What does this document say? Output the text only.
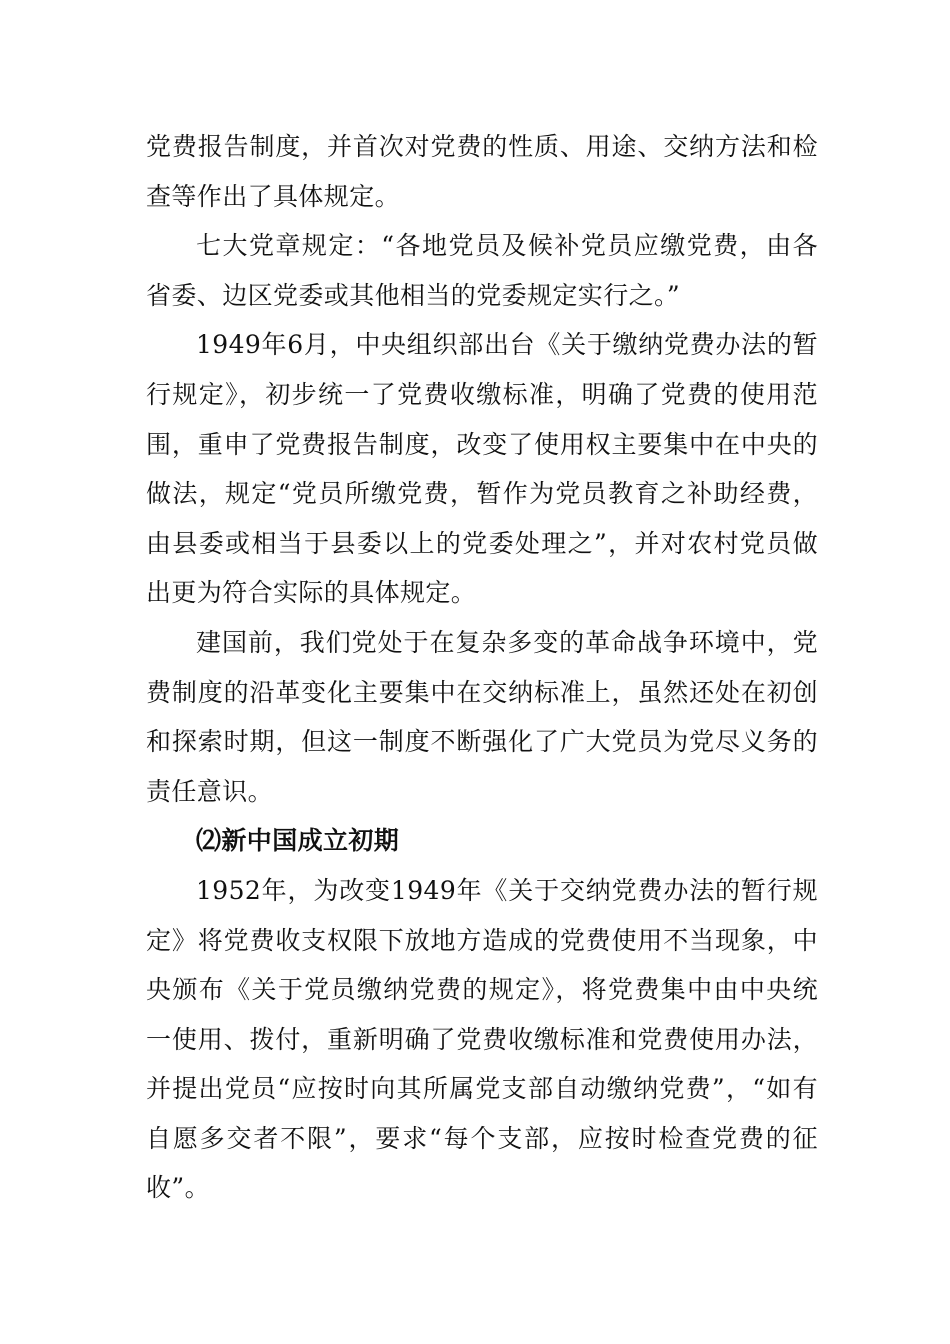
党费报告制度，并首次对党费的性质、用途、交纳方法和检查等作出了具体规定。

七大党章规定：“各地党员及候补党员应缴党费，由各省委、边区党委或其他相当的党委规定实行之。”

1949年6月，中央组织部出台《关于缴纳党费办法的暂行规定》，初步统一了党费收缴标准，明确了党费的使用范围，重申了党费报告制度，改变了使用权主要集中在中央的做法，规定“党员所缴党费，暂作为党员教育之补助经费，由县委或相当于县委以上的党委处理之”，并对农村党员做出更为符合实际的具体规定。

建国前，我们党处于在复杂多变的革命战争环境中，党费制度的沿革变化主要集中在交纳标准上，虽然还处在初创和探索时期，但这一制度不断强化了广大党员为党尽义务的责任意识。

⑵新中国成立初期

1952年，为改变1949年《关于交纳党费办法的暂行规定》将党费收支权限下放地方造成的党费使用不当现象，中央颁布《关于党员缴纳党费的规定》，将党费集中由中央统一使用、拨付，重新明确了党费收缴标准和党费使用办法，并提出党员“应按时向其所属党支部自动缴纳党费”，“如有自愿多交者不限”，要求“每个支部，应按时检查党费的征收”。
